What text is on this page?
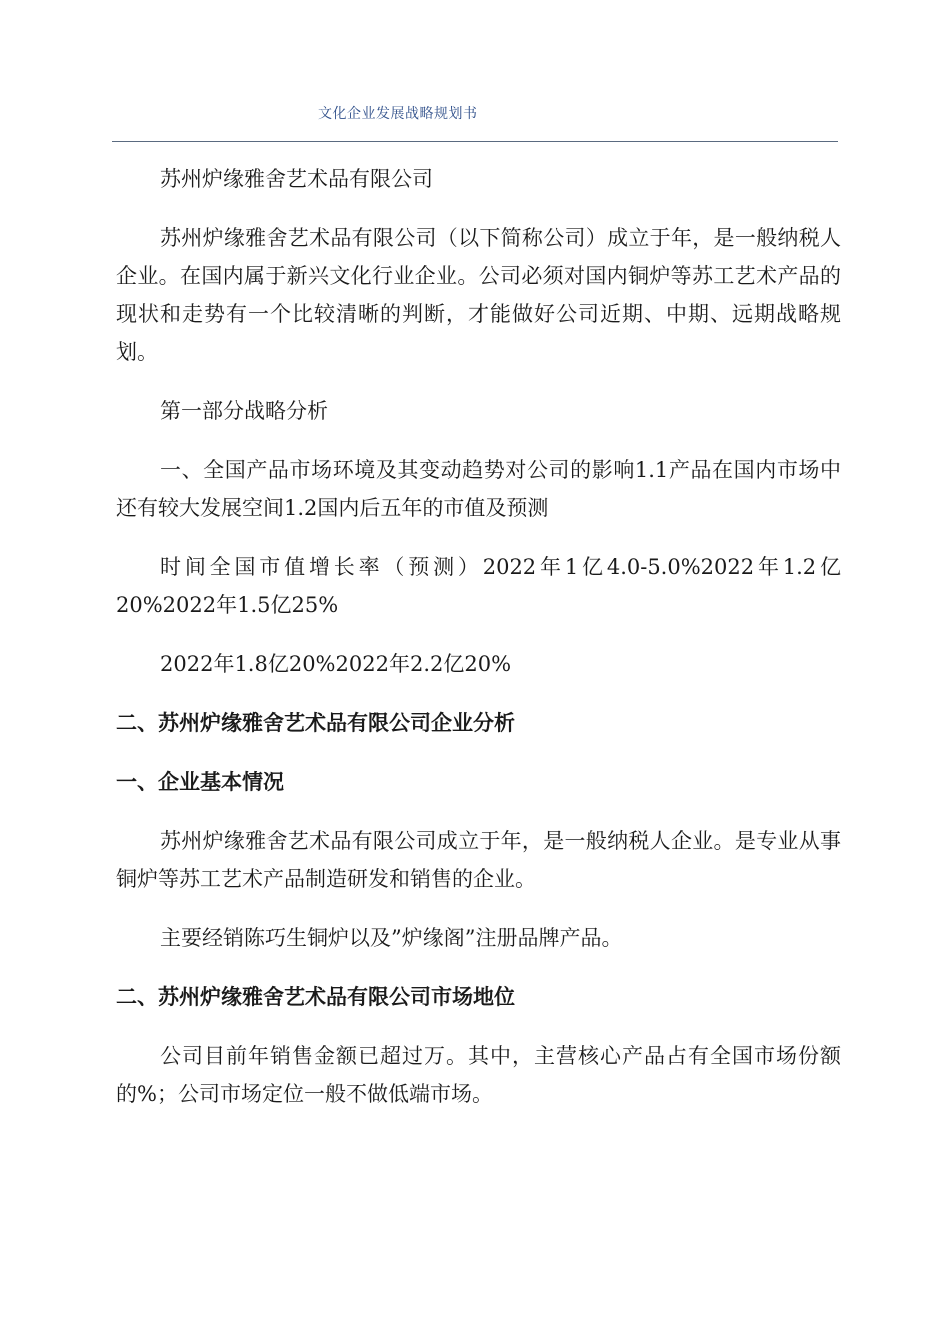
文化企业发展战略规划书

苏州炉缘雅舍艺术品有限公司

苏州炉缘雅舍艺术品有限公司（以下简称公司）成立于年，是一般纳税人企业。在国内属于新兴文化行业企业。公司必须对国内铜炉等苏工艺术产品的现状和走势有一个比较清晰的判断，才能做好公司近期、中期、远期战略规划。

第一部分战略分析

一、全国产品市场环境及其变动趋势对公司的影响1.1产品在国内市场中还有较大发展空间1.2国内后五年的市值及预测

时间全国市值增长率（预测）2022年1亿4.0-5.0%2022年1.2亿20%2022年1.5亿25%

2022年1.8亿20%2022年2.2亿20%

二、苏州炉缘雅舍艺术品有限公司企业分析

一、企业基本情况

苏州炉缘雅舍艺术品有限公司成立于年，是一般纳税人企业。是专业从事铜炉等苏工艺术产品制造研发和销售的企业。

主要经销陈巧生铜炉以及”炉缘阁”注册品牌产品。

二、苏州炉缘雅舍艺术品有限公司市场地位

公司目前年销售金额已超过万。其中，主营核心产品占有全国市场份额的%；公司市场定位一般不做低端市场。
